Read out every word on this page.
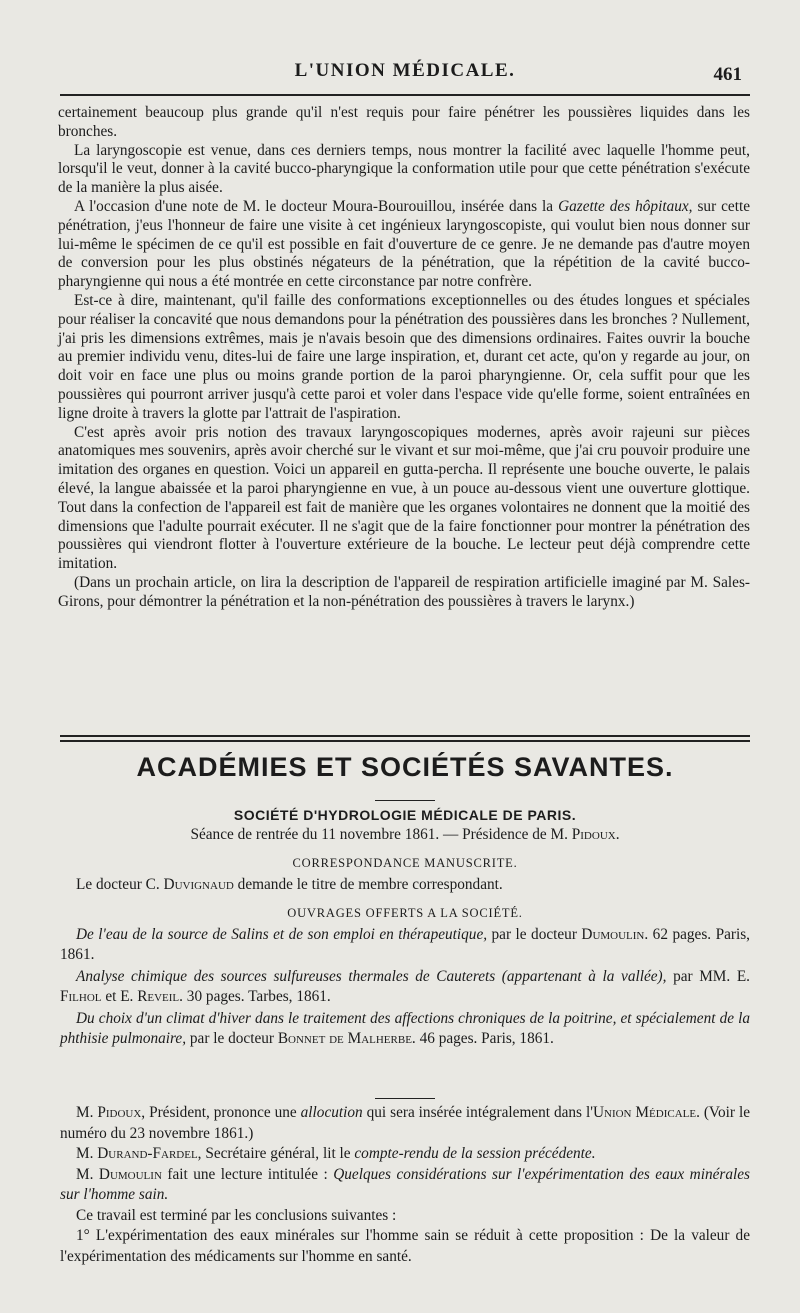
L'UNION MÉDICALE.	461

certainement beaucoup plus grande qu'il n'est requis pour faire pénétrer les poussières liquides dans les bronches.

La laryngoscopie est venue, dans ces derniers temps, nous montrer la facilité avec laquelle l'homme peut, lorsqu'il le veut, donner à la cavité bucco-pharyngique la conformation utile pour que cette pénétration s'exécute de la manière la plus aisée.

A l'occasion d'une note de M. le docteur Moura-Bourouillou, insérée dans la Gazette des hôpitaux, sur cette pénétration, j'eus l'honneur de faire une visite à cet ingénieux laryngoscopiste, qui voulut bien nous donner sur lui-même le spécimen de ce qu'il est possible en fait d'ouverture de ce genre. Je ne demande pas d'autre moyen de conversion pour les plus obstinés négateurs de la pénétration, que la répétition de la cavité bucco-pharyngienne qui nous a été montrée en cette circonstance par notre confrère.

Est-ce à dire, maintenant, qu'il faille des conformations exceptionnelles ou des études longues et spéciales pour réaliser la concavité que nous demandons pour la pénétration des poussières dans les bronches ? Nullement, j'ai pris les dimensions extrêmes, mais je n'avais besoin que des dimensions ordinaires. Faites ouvrir la bouche au premier individu venu, dites-lui de faire une large inspiration, et, durant cet acte, qu'on y regarde au jour, on doit voir en face une plus ou moins grande portion de la paroi pharyngienne. Or, cela suffit pour que les poussières qui pourront arriver jusqu'à cette paroi et voler dans l'espace vide qu'elle forme, soient entraînées en ligne droite à travers la glotte par l'attrait de l'aspiration.

C'est après avoir pris notion des travaux laryngoscopiques modernes, après avoir rajeuni sur pièces anatomiques mes souvenirs, après avoir cherché sur le vivant et sur moi-même, que j'ai cru pouvoir produire une imitation des organes en question. Voici un appareil en gutta-percha. Il représente une bouche ouverte, le palais élevé, la langue abaissée et la paroi pharyngienne en vue, à un pouce au-dessous vient une ouverture glottique. Tout dans la confection de l'appareil est fait de manière que les organes volontaires ne donnent que la moitié des dimensions que l'adulte pourrait exécuter. Il ne s'agit que de la faire fonctionner pour montrer la pénétration des poussières qui viendront flotter à l'ouverture extérieure de la bouche. Le lecteur peut déjà comprendre cette imitation.

(Dans un prochain article, on lira la description de l'appareil de respiration artificielle imaginé par M. Sales-Girons, pour démontrer la pénétration et la non-pénétration des poussières à travers le larynx.)

ACADÉMIES ET SOCIÉTÉS SAVANTES.
SOCIÉTÉ D'HYDROLOGIE MÉDICALE DE PARIS.
Séance de rentrée du 11 novembre 1861. — Présidence de M. Pidoux.
CORRESPONDANCE MANUSCRITE.
Le docteur C. Duvignaud demande le titre de membre correspondant.
OUVRAGES OFFERTS A LA SOCIÉTÉ.
De l'eau de la source de Salins et de son emploi en thérapeutique, par le docteur Dumoulin. 62 pages. Paris, 1861.
Analyse chimique des sources sulfureuses thermales de Cauterets (appartenant à la vallée), par MM. E. Filhol et E. Reveil. 30 pages. Tarbes, 1861.
Du choix d'un climat d'hiver dans le traitement des affections chroniques de la poitrine, et spécialement de la phthisie pulmonaire, par le docteur Bonnet de Malherbe. 46 pages. Paris, 1861.

M. Pidoux, Président, prononce une allocution qui sera insérée intégralement dans l'Union Médicale. (Voir le numéro du 23 novembre 1861.)

M. Durand-Fardel, Secrétaire général, lit le compte-rendu de la session précédente.

M. Dumoulin fait une lecture intitulée : Quelques considérations sur l'expérimentation des eaux minérales sur l'homme sain.

Ce travail est terminé par les conclusions suivantes :

1° L'expérimentation des eaux minérales sur l'homme sain se réduit à cette proposition : De la valeur de l'expérimentation des médicaments sur l'homme en santé.
